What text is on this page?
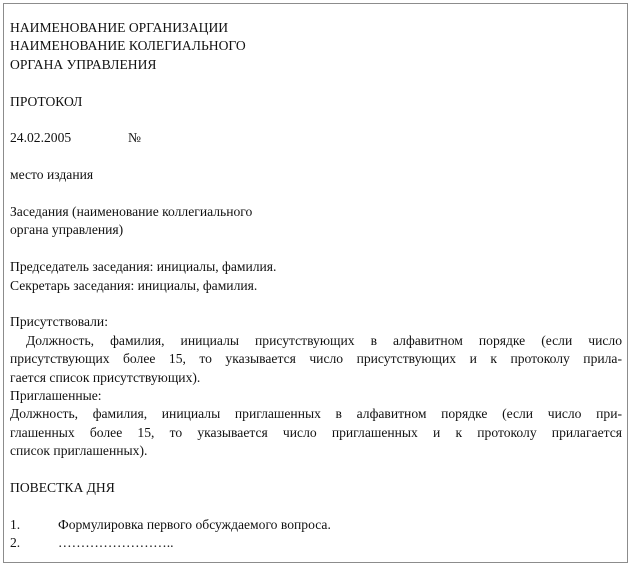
НАИМЕНОВАНИЕ ОРГАНИЗАЦИИ
НАИМЕНОВАНИЕ КОЛЕГИАЛЬНОГО
ОРГАНА УПРАВЛЕНИЯ
ПРОТОКОЛ
24.02.2005	№
место издания
Заседания (наименование коллегиального
органа управления)
Председатель заседания: инициалы, фамилия.
Секретарь заседания: инициалы, фамилия.
Присутствовали:
Должность, фамилия, инициалы присутствующих в алфавитном порядке (если число
присутствующих более 15, то указывается число присутствующих и к протоколу прила-
гается список присутствующих).
Приглашенные:
Должность, фамилия, инициалы приглашенных в алфавитном порядке (если число при-
глашенных более 15, то указывается число приглашенных и к протоколу прилагается
список приглашенных).
ПОВЕСТКА ДНЯ
1.	Формулировка первого обсуждаемого вопроса.
2.	……………………..
